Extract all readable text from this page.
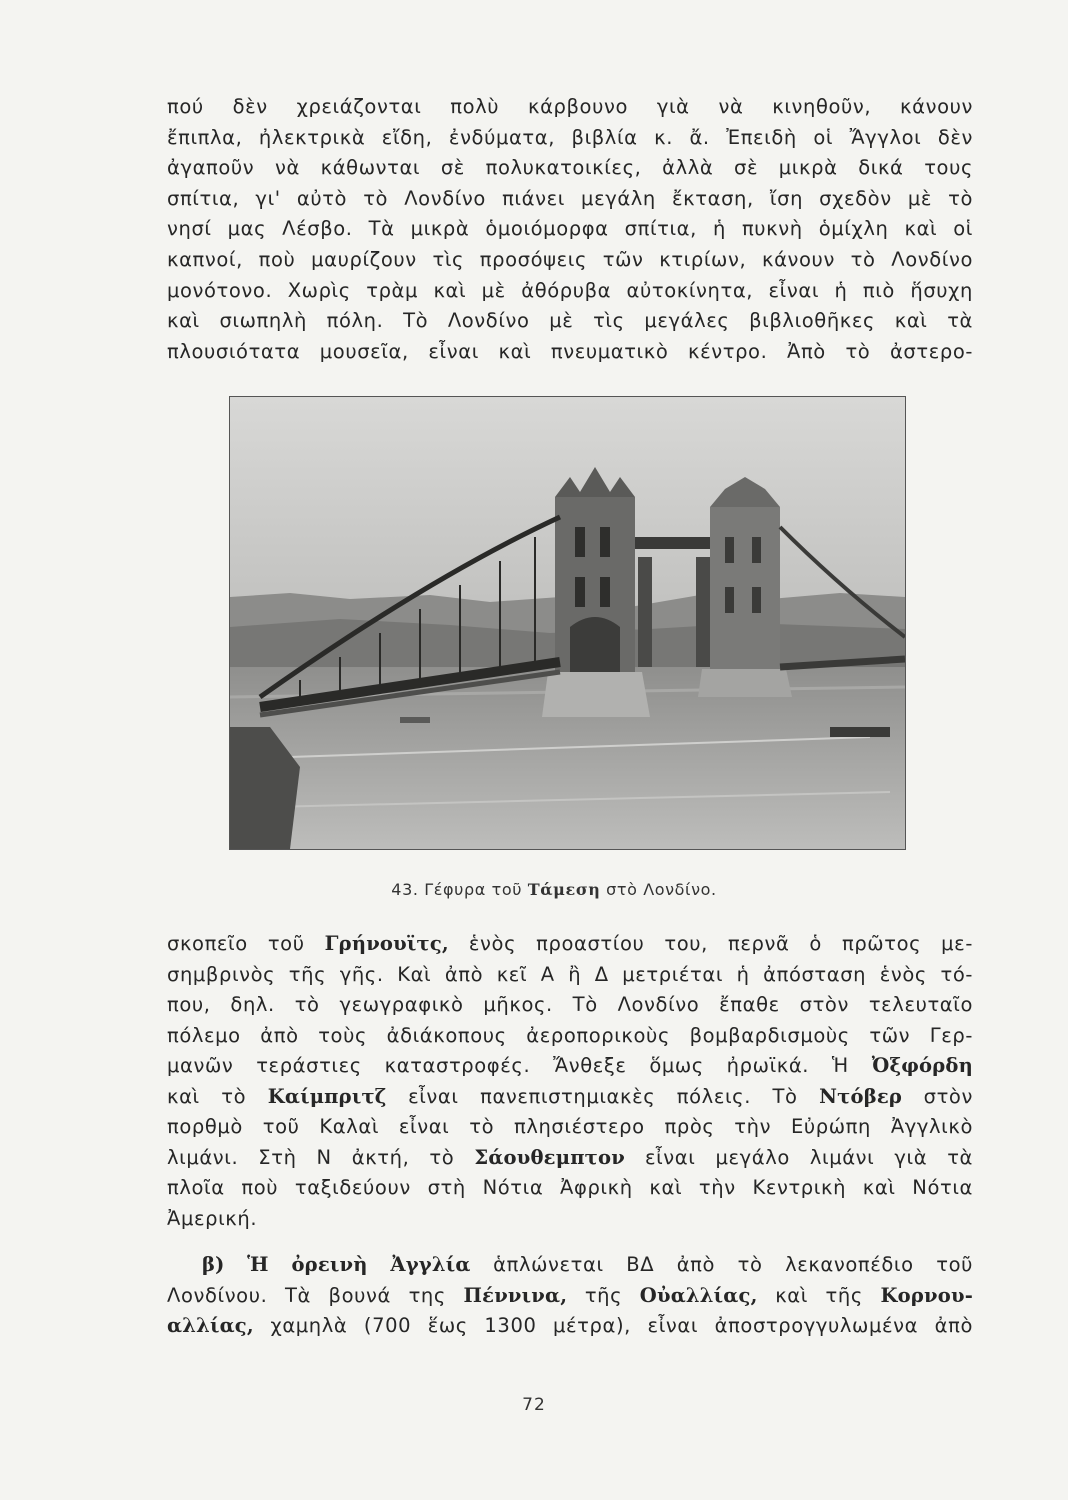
πού δὲν χρειάζονται πολὺ κάρβουνο γιὰ νὰ κινηθοῦν, κάνουν
ἔπιπλα, ἠλεκτρικὰ εἴδη, ἐνδύματα, βιβλία κ. ἄ. Ἐπειδὴ οἱ Ἄγγλοι δὲν
ἀγαποῦν νὰ κάθωνται σὲ πολυκατοικίες, ἀλλὰ σὲ μικρὰ δικά τους
σπίτια, γι' αὐτὸ τὸ Λονδίνο πιάνει μεγάλη ἔκταση, ἴση σχεδὸν μὲ τὸ
νησί μας Λέσβο. Τὰ μικρὰ ὁμοιόμορφα σπίτια, ἡ πυκνὴ ὁμίχλη καὶ οἱ
καπνοί, ποὺ μαυρίζουν τὶς προσόψεις τῶν κτιρίων, κάνουν τὸ Λονδίνο
μονότονο. Χωρὶς τρὰμ καὶ μὲ ἀθόρυβα αὐτοκίνητα, εἶναι ἡ πιὸ ἥσυχη
καὶ σιωπηλὴ πόλη. Τὸ Λονδίνο μὲ τὶς μεγάλες βιβλιοθῆκες καὶ τὰ
πλουσιότατα μουσεῖα, εἶναι καὶ πνευματικὸ κέντρο. Ἀπὸ τὸ ἀστερο-
43. Γέφυρα τοῦ Τάμεση στὸ Λονδίνο.
σκοπεῖο τοῦ Γρήνουϊτς, ἑνὸς προαστίου του, περνᾶ ὁ πρῶτος με-
σημβρινὸς τῆς γῆς. Καὶ ἀπὸ κεῖ Α ἢ Δ μετριέται ἡ ἀπόσταση ἑνὸς τό-
που, δηλ. τὸ γεωγραφικὸ μῆκος. Τὸ Λονδίνο ἔπαθε στὸν τελευταῖο
πόλεμο ἀπὸ τοὺς ἀδιάκοπους ἀεροπορικοὺς βομβαρδισμοὺς τῶν Γερ-
μανῶν τεράστιες καταστροφές. Ἄνθεξε ὅμως ἠρωϊκά. Ἡ Ὀξφόρδη
καὶ τὸ Καίμπριτζ εἶναι πανεπιστημιακὲς πόλεις. Τὸ Ντόβερ στὸν
πορθμὸ τοῦ Καλαὶ εἶναι τὸ πλησιέστερο πρὸς τὴν Εὐρώπη Ἀγγλικὸ
λιμάνι. Στὴ Ν ἀκτή, τὸ Σάουθεμπτον εἶναι μεγάλο λιμάνι γιὰ τὰ
πλοῖα ποὺ ταξιδεύουν στὴ Νότια Ἀφρικὴ καὶ τὴν Κεντρικὴ καὶ Νότια
Ἀμερική.
β) Ἡ ὀρεινὴ Ἀγγλία ἁπλώνεται ΒΔ ἀπὸ τὸ λεκανοπέδιο τοῦ
Λονδίνου. Τὰ βουνά της Πέννινα, τῆς Οὐαλλίας, καὶ τῆς Κορνου-
αλλίας, χαμηλὰ (700 ἕως 1300 μέτρα), εἶναι ἀποστρογγυλωμένα ἀπὸ
72
